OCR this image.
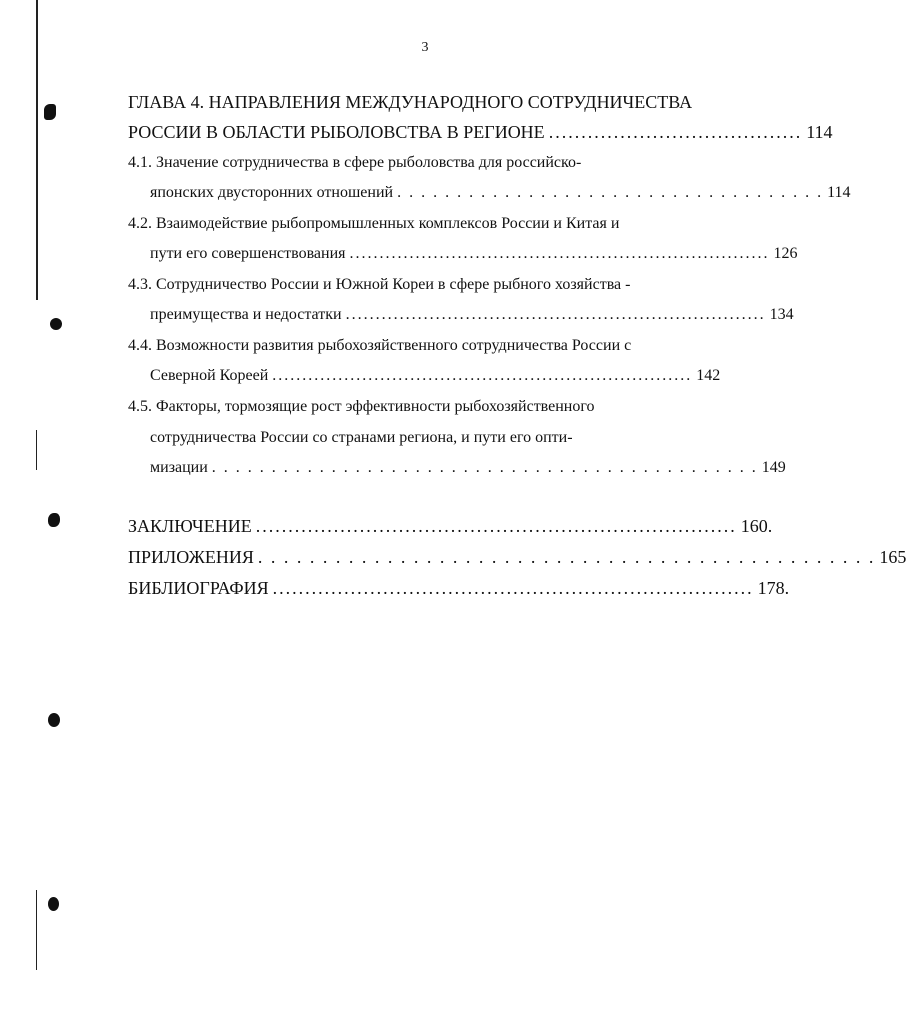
3
ГЛАВА 4. НАПРАВЛЕНИЯ МЕЖДУНАРОДНОГО СОТРУДНИЧЕСТВА
РОССИИ В ОБЛАСТИ РЫБОЛОВСТВА В РЕГИОНЕ ....................................... 114
4.1. Значение сотрудничества в сфере рыболовства для российско-
японских двусторонних отношений . . . . . . . . . . . . . . . . . . . . . . . . . . . . . . . . . . . . 114
4.2. Взаимодействие рыбопромышленных комплексов России и Китая и
пути его совершенствования ...................................................................... 126
4.3. Сотрудничество России и Южной Кореи в сфере рыбного хозяйства -
преимущества и недостатки ...................................................................... 134
4.4. Возможности развития рыбохозяйственного сотрудничества России с
Северной Кореей ...................................................................... 142
4.5. Факторы, тормозящие рост эффективности рыбохозяйственного
сотрудничества России со странами региона, и пути его опти-
мизации . . . . . . . . . . . . . . . . . . . . . . . . . . . . . . . . . . . . . . . . . . . . . . 149
ЗАКЛЮЧЕНИЕ .......................................................................... 160.
ПРИЛОЖЕНИЯ . . . . . . . . . . . . . . . . . . . . . . . . . . . . . . . . . . . . . . . . . . . . . . . . 165
БИБЛИОГРАФИЯ .......................................................................... 178.
